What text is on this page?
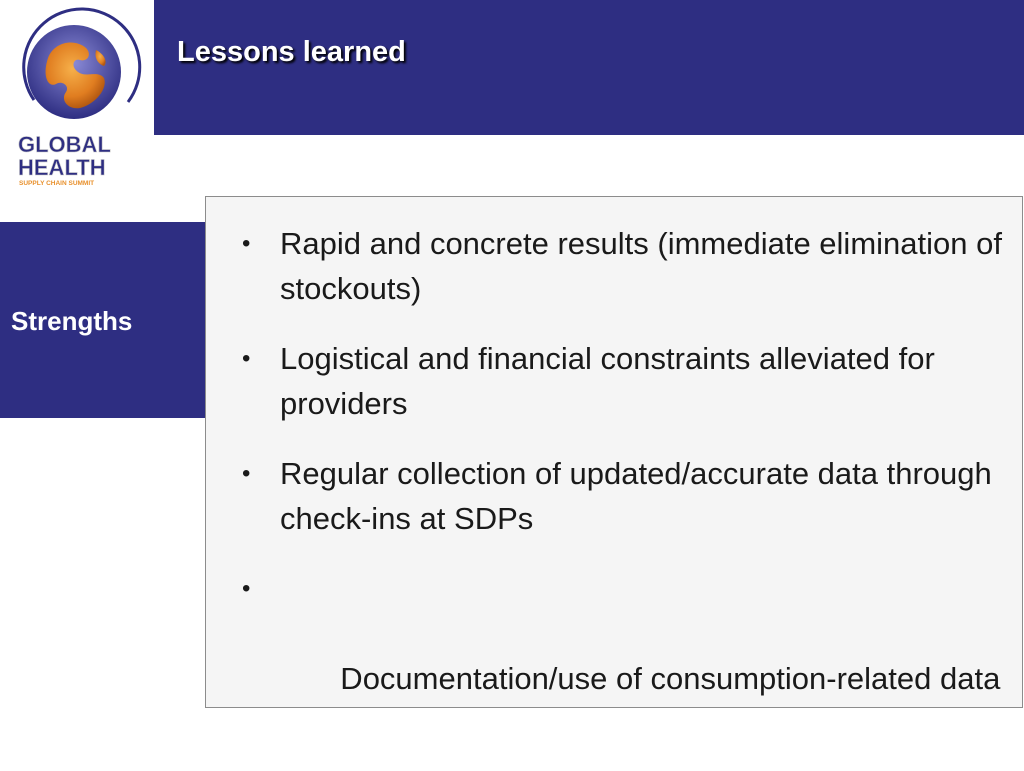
Lessons learned
GLOBAL
HEALTH
SUPPLY CHAIN SUMMIT
Strengths
• Rapid and concrete results (immediate elimination of stockouts)
• Logistical and financial constraints alleviated for providers
• Regular collection of updated/accurate data through check-ins at SDPs

•

Documentation/use of consumption-related data
